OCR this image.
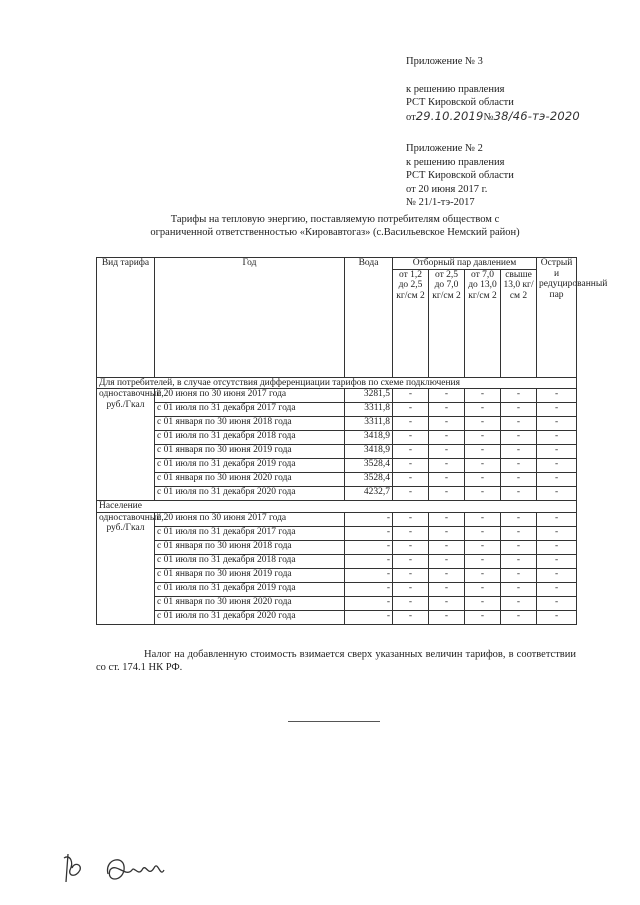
Приложение № 3
к решению правления
РСТ Кировской области
от29.10.2019№38/46-тэ-2020
Приложение № 2
к решению правления
РСТ Кировской области
от 20 июня 2017 г.
№ 21/1-тэ-2017
Тарифы на тепловую энергию, поставляемую потребителям обществом с
ограниченной ответственностью «Кировавтогаз» (с.Васильевское Немский район)
Вид тарифа	Год	Вода	Отборный пар давлением				Острый и редуцированный пар
			от 1,2 до 2,5 кг/см 2	от 2,5 до 7,0 кг/см 2	от 7,0 до 13,0 кг/см 2	свыше 13,0 кг/см 2	
Для потребителей, в случае отсутствия дифференциации тарифов по схеме подключения							
одноставочный, руб./Гкал	с 20 июня по 30 июня 2017 года	3281,5	-	-	-	-	-
	с 01 июля по 31 декабря 2017 года	3311,8	-	-	-	-	-
	с 01 января по 30 июня 2018 года	3311,8	-	-	-	-	-
	с 01 июля по 31 декабря 2018 года	3418,9	-	-	-	-	-
	с 01 января по 30 июня 2019 года	3418,9	-	-	-	-	-
	с 01 июля по 31 декабря 2019 года	3528,4	-	-	-	-	-
	с 01 января по 30 июня 2020 года	3528,4	-	-	-	-	-
	с 01 июля по 31 декабря 2020 года	4232,7	-	-	-	-	-
Население							
одноставочный, руб./Гкал	с 20 июня по 30 июня 2017 года	-	-	-	-	-	-
	с 01 июля по 31 декабря 2017 года	-	-	-	-	-	-
	с 01 января по 30 июня 2018 года	-	-	-	-	-	-
	с 01 июля по 31 декабря 2018 года	-	-	-	-	-	-
	с 01 января по 30 июня 2019 года	-	-	-	-	-	-
	с 01 июля по 31 декабря 2019 года	-	-	-	-	-	-
	с 01 января по 30 июня 2020 года	-	-	-	-	-	-
	с 01 июля по 31 декабря 2020 года	-	-	-	-	-	-
Налог на добавленную стоимость взимается сверх указанных величин тарифов, в соответствии со ст. 174.1 НК РФ.
